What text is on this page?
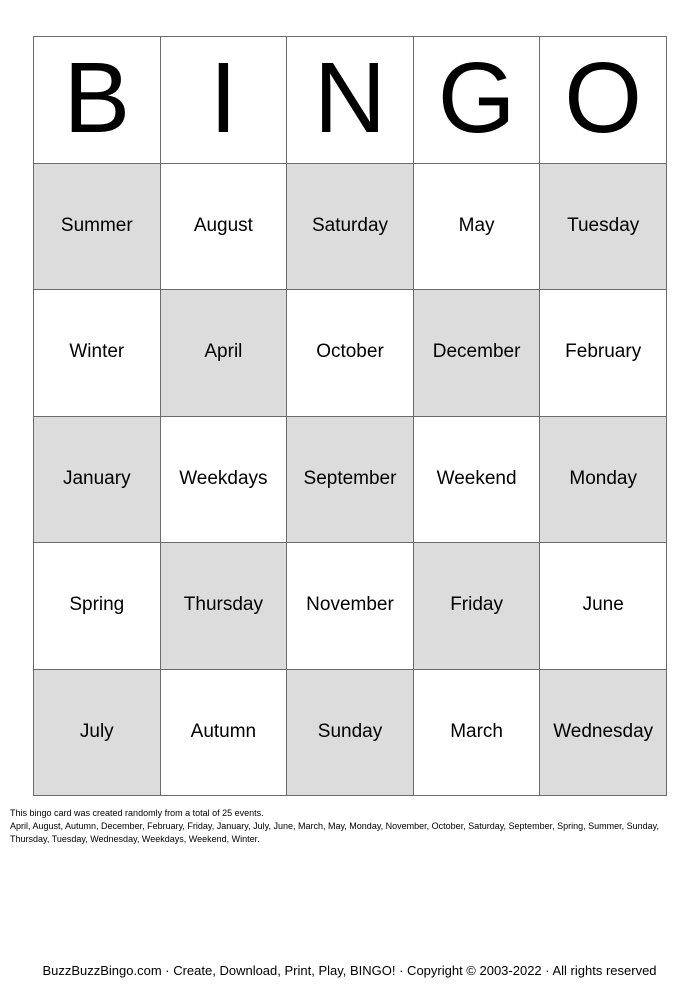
B I N G O
Summer	August	Saturday	May	Tuesday
Winter	April	October	December	February
January	Weekdays	September	Weekend	Monday
Spring	Thursday	November	Friday	June
July	Autumn	Sunday	March	Wednesday
This bingo card was created randomly from a total of 25 events.
April, August, Autumn, December, February, Friday, January, July, June, March, May, Monday, November, October, Saturday, September, Spring, Summer, Sunday, Thursday, Tuesday, Wednesday, Weekdays, Weekend, Winter.
BuzzBuzzBingo.com · Create, Download, Print, Play, BINGO! · Copyright © 2003-2022 · All rights reserved
